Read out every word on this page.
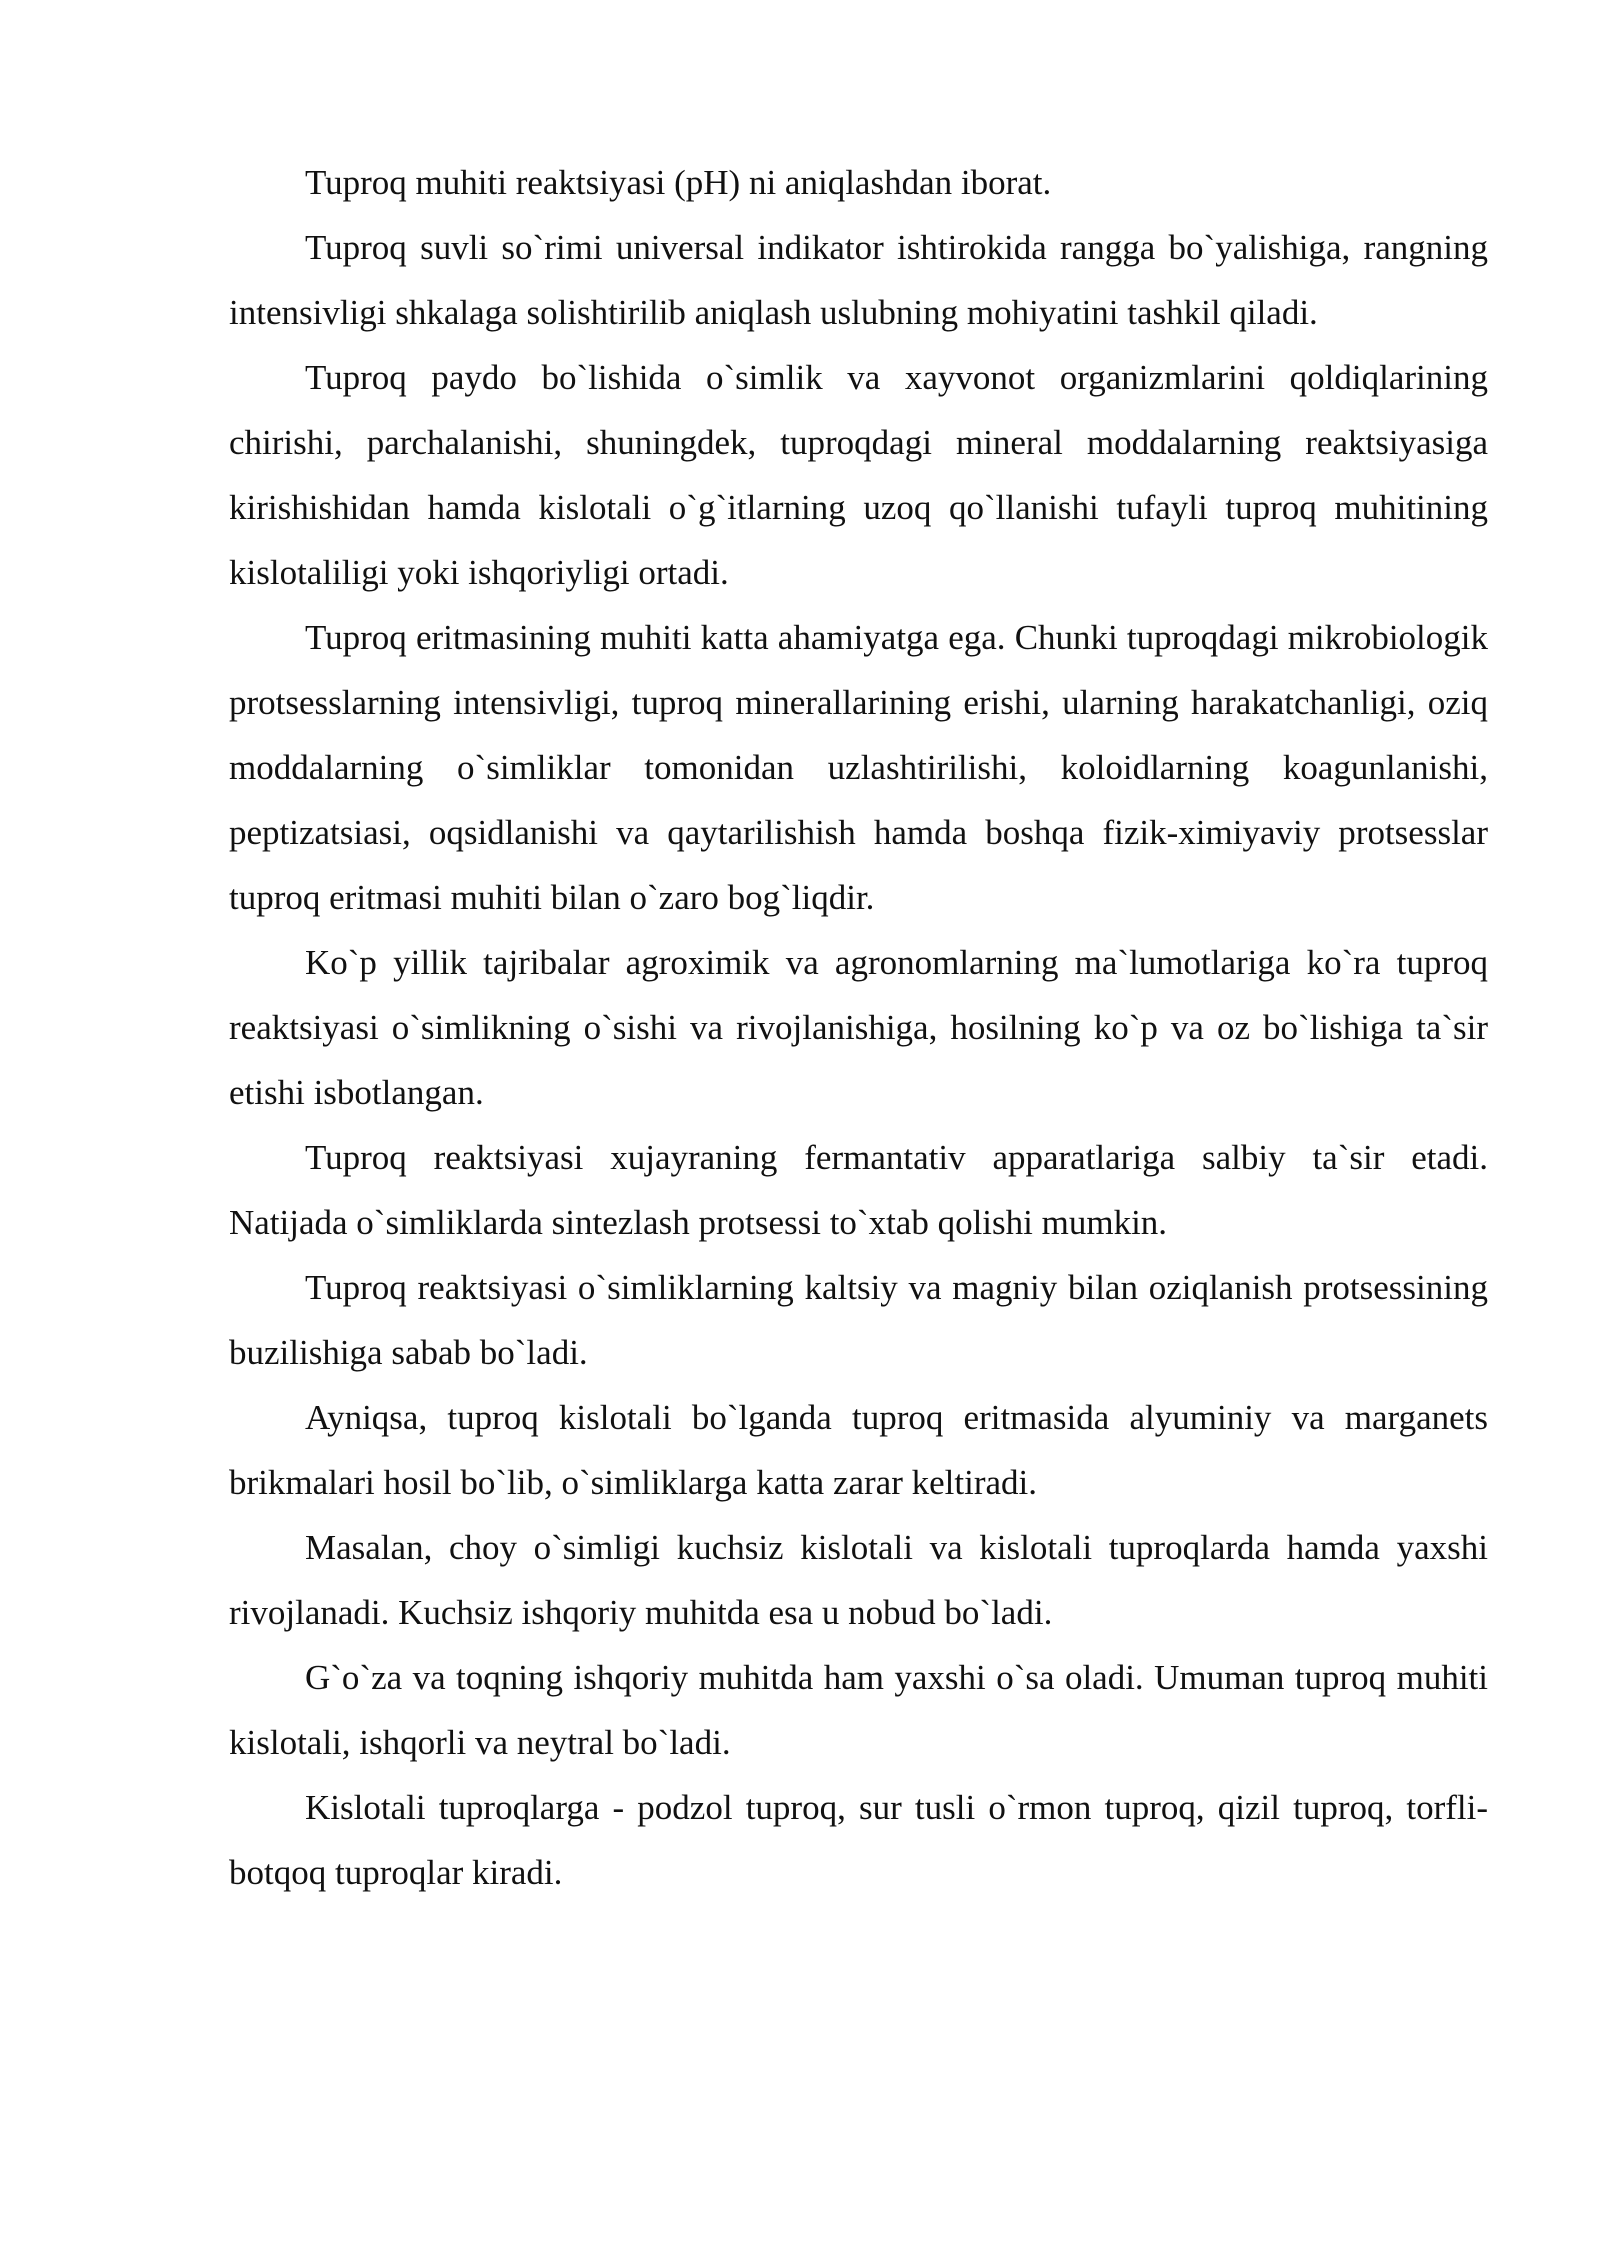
Tuproq muhiti reaktsiyasi (pH) ni aniqlashdan iborat.

Tuproq suvli so`rimi universal indikator ishtirokida rangga bo`yalishiga, rangning intensivligi shkalaga solishtirilib aniqlash uslubning mohiyatini tashkil qiladi.

Tuproq paydo bo`lishida o`simlik va xayvonot organizmlarini qoldiqlarining chirishi, parchalanishi, shuningdek, tuproqdagi mineral moddalarning reaktsiyasiga kirishishidan hamda kislotali o`g`itlarning uzoq qo`llanishi tufayli tuproq muhitining kislotaliligi yoki ishqoriyligi ortadi.

Tuproq eritmasining muhiti katta ahamiyatga ega. Chunki tuproqdagi mikrobiologik protsesslarning intensivligi, tuproq minerallarining erishi, ularning harakatchanligi, oziq moddalarning o`simliklar tomonidan uzlashtirilishi, koloidlarning koagunlanishi, peptizatsiasi, oqsidlanishi va qaytarilishish hamda boshqa fizik-ximiyaviy protsesslar tuproq eritmasi muhiti bilan o`zaro bog`liqdir.

Ko`p yillik tajribalar agroximik va agronomlarning ma`lumotlariga ko`ra tuproq reaktsiyasi o`simlikning o`sishi va rivojlanishiga, hosilning ko`p va oz bo`lishiga ta`sir etishi isbotlangan.

Tuproq reaktsiyasi xujayraning fermantativ apparatlariga salbiy ta`sir etadi. Natijada o`simliklarda sintezlash protsessi to`xtab qolishi mumkin.

Tuproq reaktsiyasi o`simliklarning kaltsiy va magniy bilan oziqlanish protsessining buzilishiga sabab bo`ladi.

Ayniqsa, tuproq kislotali bo`lganda tuproq eritmasida alyuminiy va marganets brikmalari hosil bo`lib, o`simliklarga katta zarar keltiradi.

Masalan, choy o`simligi kuchsiz kislotali va kislotali tuproqlarda hamda yaxshi rivojlanadi. Kuchsiz ishqoriy muhitda esa u nobud bo`ladi.

G`o`za va toqning ishqoriy muhitda ham yaxshi o`sa oladi. Umuman tuproq muhiti kislotali, ishqorli va neytral bo`ladi.

Kislotali tuproqlarga - podzol tuproq, sur tusli o`rmon tuproq, qizil tuproq, torfli-botqoq tuproqlar kiradi.
